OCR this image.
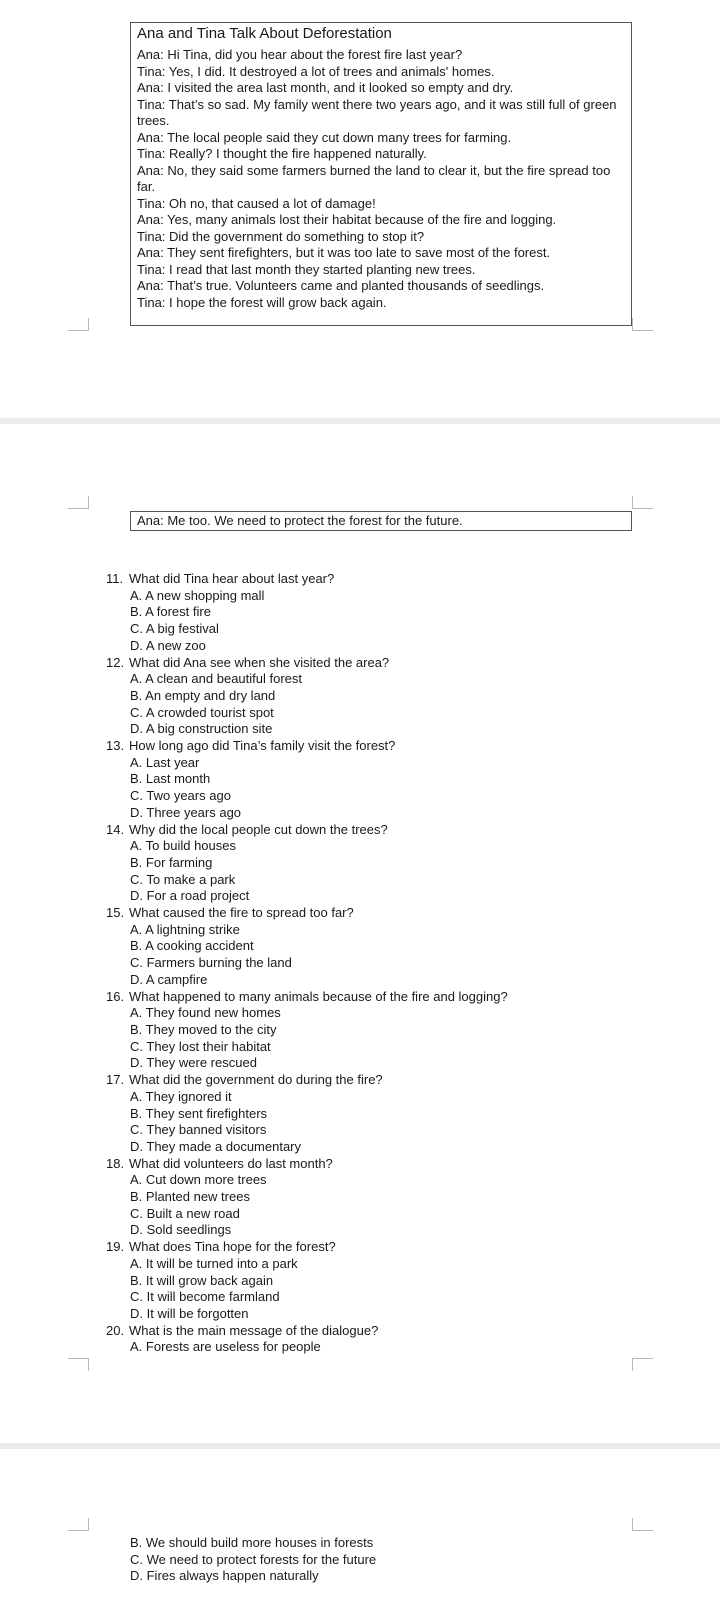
Ana and Tina Talk About Deforestation
Ana: Hi Tina, did you hear about the forest fire last year?
Tina: Yes, I did. It destroyed a lot of trees and animals' homes.
Ana: I visited the area last month, and it looked so empty and dry.
Tina: That’s so sad. My family went there two years ago, and it was still full of green trees.
Ana: The local people said they cut down many trees for farming.
Tina: Really? I thought the fire happened naturally.
Ana: No, they said some farmers burned the land to clear it, but the fire spread too far.
Tina: Oh no, that caused a lot of damage!
Ana: Yes, many animals lost their habitat because of the fire and logging.
Tina: Did the government do something to stop it?
Ana: They sent firefighters, but it was too late to save most of the forest.
Tina: I read that last month they started planting new trees.
Ana: That’s true. Volunteers came and planted thousands of seedlings.
Tina: I hope the forest will grow back again.
Ana: Me too. We need to protect the forest for the future.
11. What did Tina hear about last year?
A. A new shopping mall
B. A forest fire
C. A big festival
D. A new zoo
12. What did Ana see when she visited the area?
A. A clean and beautiful forest
B. An empty and dry land
C. A crowded tourist spot
D. A big construction site
13. How long ago did Tina’s family visit the forest?
A. Last year
B. Last month
C. Two years ago
D. Three years ago
14. Why did the local people cut down the trees?
A. To build houses
B. For farming
C. To make a park
D. For a road project
15. What caused the fire to spread too far?
A. A lightning strike
B. A cooking accident
C. Farmers burning the land
D. A campfire
16. What happened to many animals because of the fire and logging?
A. They found new homes
B. They moved to the city
C. They lost their habitat
D. They were rescued
17. What did the government do during the fire?
A. They ignored it
B. They sent firefighters
C. They banned visitors
D. They made a documentary
18. What did volunteers do last month?
A. Cut down more trees
B. Planted new trees
C. Built a new road
D. Sold seedlings
19. What does Tina hope for the forest?
A. It will be turned into a park
B. It will grow back again
C. It will become farmland
D. It will be forgotten
20. What is the main message of the dialogue?
A. Forests are useless for people
B. We should build more houses in forests
C. We need to protect forests for the future
D. Fires always happen naturally
